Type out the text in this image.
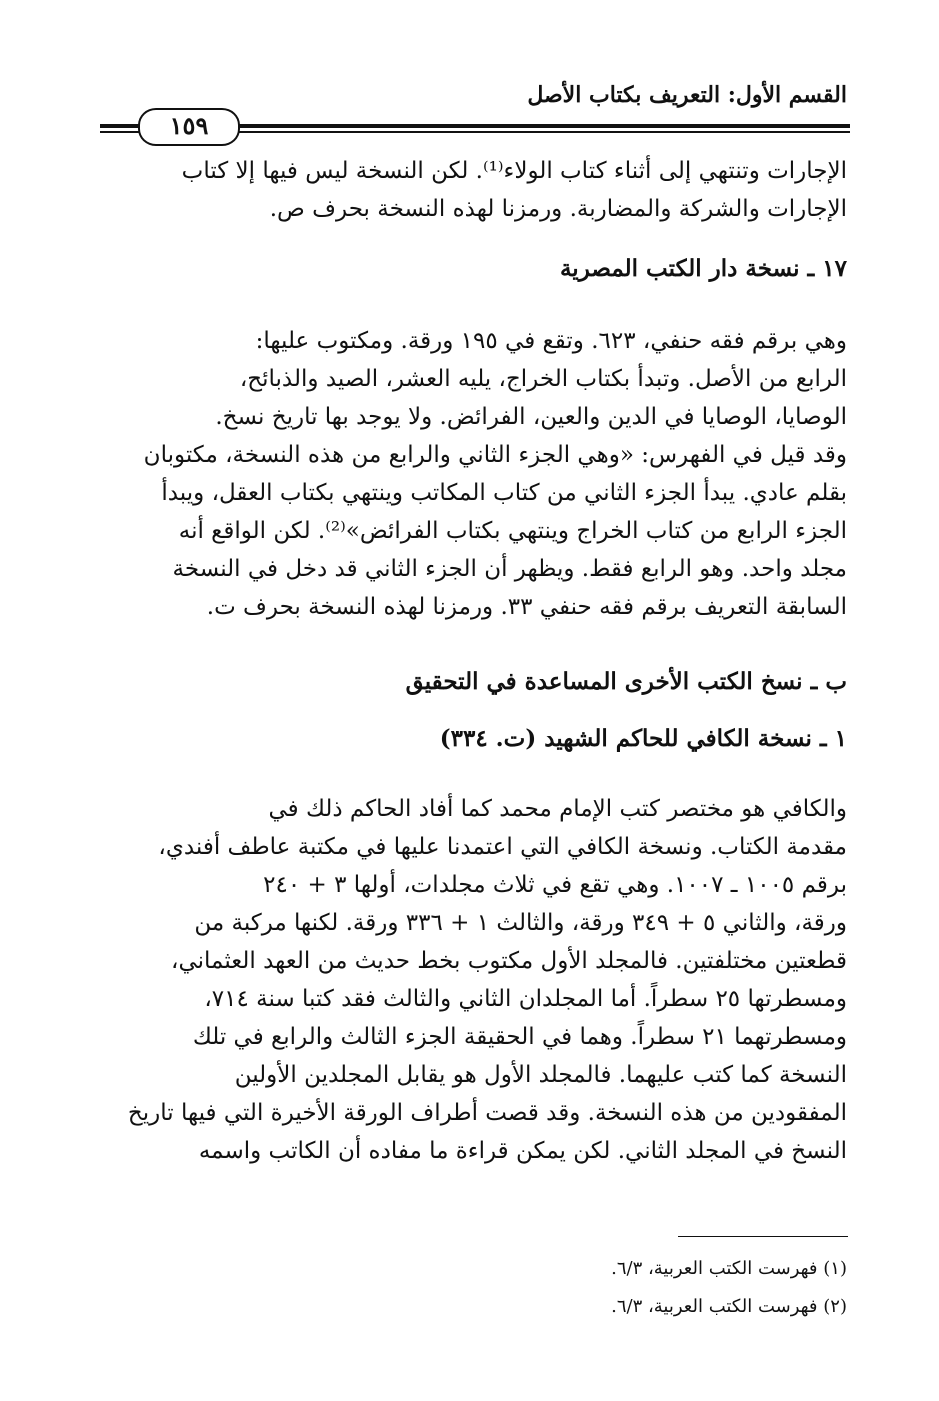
القسم الأول: التعريف بكتاب الأصل
١٥٩
الإجارات وتنتهي إلى أثناء كتاب الولاء⁽¹⁾. لكن النسخة ليس فيها إلا كتاب
الإجارات والشركة والمضاربة. ورمزنا لهذه النسخة بحرف ص.
١٧ ـ نسخة دار الكتب المصرية
وهي برقم فقه حنفي، ٦٢٣. وتقع في ١٩٥ ورقة. ومكتوب عليها:
الرابع من الأصل. وتبدأ بكتاب الخراج، يليه العشر، الصيد والذبائح،
الوصايا، الوصايا في الدين والعين، الفرائض. ولا يوجد بها تاريخ نسخ.
وقد قيل في الفهرس: «وهي الجزء الثاني والرابع من هذه النسخة، مكتوبان
بقلم عادي. يبدأ الجزء الثاني من كتاب المكاتب وينتهي بكتاب العقل، ويبدأ
الجزء الرابع من كتاب الخراج وينتهي بكتاب الفرائض»⁽²⁾. لكن الواقع أنه
مجلد واحد. وهو الرابع فقط. ويظهر أن الجزء الثاني قد دخل في النسخة
السابقة التعريف برقم فقه حنفي ٣٣. ورمزنا لهذه النسخة بحرف ت.
ب ـ نسخ الكتب الأخرى المساعدة في التحقيق
١ ـ نسخة الكافي للحاكم الشهيد (ت. ٣٣٤)
والكافي هو مختصر كتب الإمام محمد كما أفاد الحاكم ذلك في
مقدمة الكتاب. ونسخة الكافي التي اعتمدنا عليها في مكتبة عاطف أفندي،
برقم ١٠٠٥ ـ ١٠٠٧. وهي تقع في ثلاث مجلدات، أولها ٣ + ٢٤٠
ورقة، والثاني ٥ + ٣٤٩ ورقة، والثالث ١ + ٣٣٦ ورقة. لكنها مركبة من
قطعتين مختلفتين. فالمجلد الأول مكتوب بخط حديث من العهد العثماني،
ومسطرتها ٢٥ سطراً. أما المجلدان الثاني والثالث فقد كتبا سنة ٧١٤،
ومسطرتهما ٢١ سطراً. وهما في الحقيقة الجزء الثالث والرابع في تلك
النسخة كما كتب عليهما. فالمجلد الأول هو يقابل المجلدين الأولين
المفقودين من هذه النسخة. وقد قصت أطراف الورقة الأخيرة التي فيها تاريخ
النسخ في المجلد الثاني. لكن يمكن قراءة ما مفاده أن الكاتب واسمه
(١) فهرست الكتب العربية، ٦/٣.
(٢) فهرست الكتب العربية، ٦/٣.
